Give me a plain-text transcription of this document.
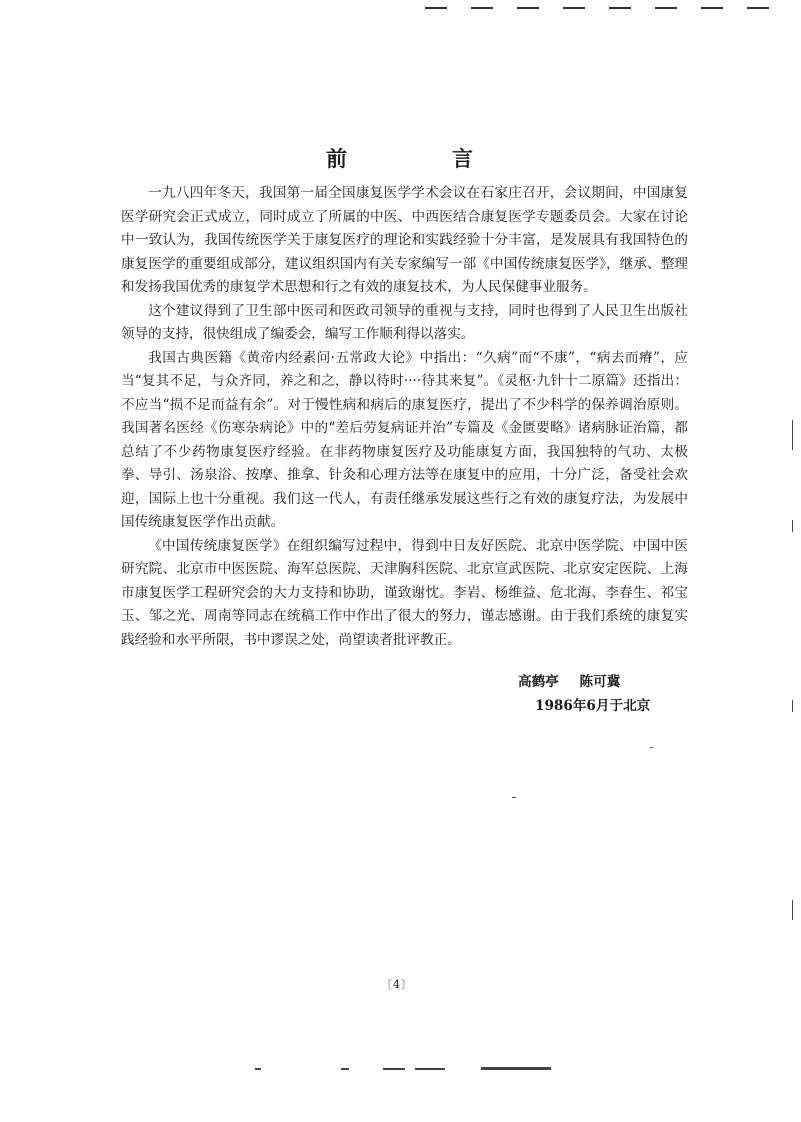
前　言

一九八四年冬天，我国第一届全国康复医学学术会议在石家庄召开，会议期间，中国康复医学研究会正式成立，同时成立了所属的中医、中西医结合康复医学专题委员会。大家在讨论中一致认为，我国传统医学关于康复医疗的理论和实践经验十分丰富，是发展具有我国特色的康复医学的重要组成部分，建议组织国内有关专家编写一部《中国传统康复医学》，继承、整理和发扬我国优秀的康复学术思想和行之有效的康复技术，为人民保健事业服务。

这个建议得到了卫生部中医司和医政司领导的重视与支持，同时也得到了人民卫生出版社领导的支持，很快组成了编委会，编写工作顺利得以落实。

我国古典医籍《黄帝内经素问·五常政大论》中指出：“久病”而“不康”，“病去而瘠”，应当“复其不足，与众齐同，养之和之，静以待时····待其来复”。《灵枢·九针十二原篇》还指出：不应当“损不足而益有余”。对于慢性病和病后的康复医疗，提出了不少科学的保养调治原则。我国著名医经《伤寒杂病论》中的“差后劳复病证并治”专篇及《金匮要略》诸病脉证治篇，都总结了不少药物康复医疗经验。在非药物康复医疗及功能康复方面，我国独特的气功、太极拳、导引、汤泉浴、按摩、推拿、针灸和心理方法等在康复中的应用，十分广泛，备受社会欢迎，国际上也十分重视。我们这一代人，有责任继承发展这些行之有效的康复疗法，为发展中国传统康复医学作出贡献。

《中国传统康复医学》在组织编写过程中，得到中日友好医院、北京中医学院、中国中医研究院、北京市中医医院、海军总医院、天津胸科医院、北京宣武医院、北京安定医院、上海市康复医学工程研究会的大力支持和协助，谨致谢忱。李岩、杨维益、危北海、李春生、祁宝玉、邹之光、周南等同志在统稿工作中作出了很大的努力，谨志感谢。由于我们系统的康复实践经验和水平所限，书中谬误之处，尚望读者批评教正。

高鹤亭 陈可冀
1986年6月于北京
〔4〕
